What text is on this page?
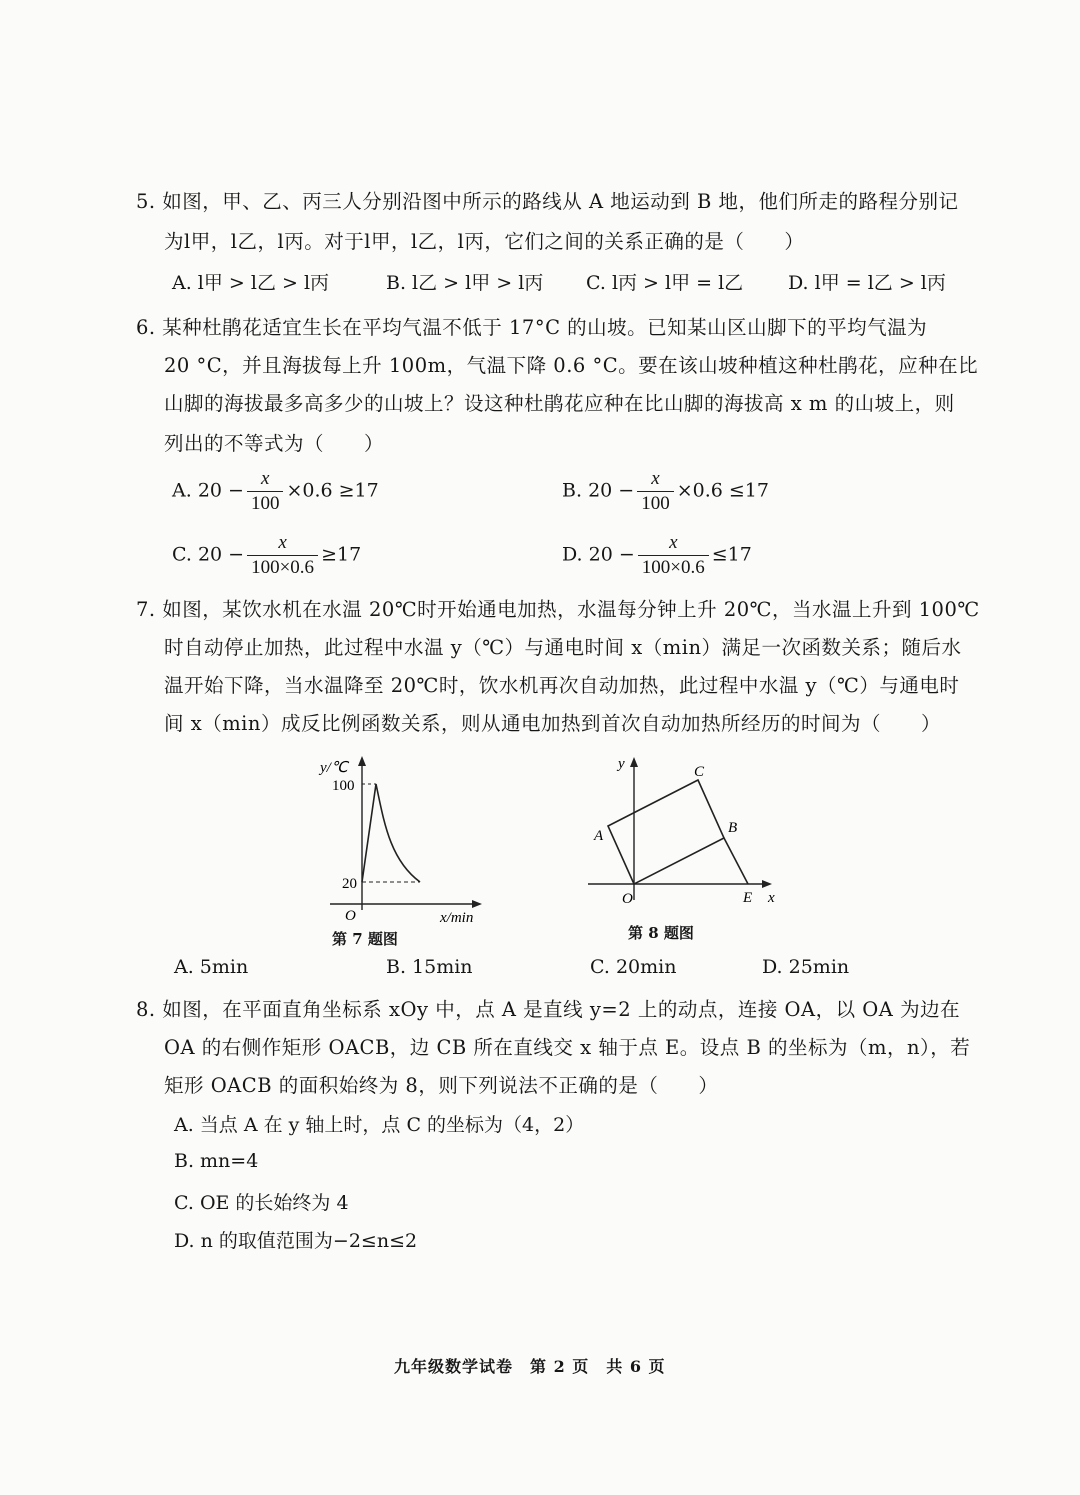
5. 如图，甲、乙、丙三人分别沿图中所示的路线从 A 地运动到 B 地，他们所走的路程分别记
为l甲，l乙，l丙。对于l甲，l乙，l丙，它们之间的关系正确的是（　　）
A. l甲 > l乙 > l丙	B. l乙 > l甲 > l丙 C. l丙 > l甲 = l乙 D. l甲 = l乙 > l丙
6. 某种杜鹃花适宜生长在平均气温不低于 17°C 的山坡。已知某山区山脚下的平均气温为
20 °C，并且海拔每上升 100m，气温下降 0.6 °C。要在该山坡种植这种杜鹃花，应种在比
山脚的海拔最多高多少的山坡上？设这种杜鹃花应种在比山脚的海拔高 x m 的山坡上，则
列出的不等式为（　　）
A. $20 - \frac{x}{100} \times 0.6 \ge 17$	B. $20 - \frac{x}{100} \times 0.6 \le 17$
C. $20 - \frac{x}{100\times 0.6} \ge 17$	D. $20 - \frac{x}{100\times 0.6} \le 17$
7. 如图，某饮水机在水温 20℃时开始通电加热，水温每分钟上升 20℃，当水温上升到 100℃
时自动停止加热，此过程中水温 y（℃）与通电时间 x（min）满足一次函数关系；随后水
温开始下降，当水温降至 20℃时，饮水机再次自动加热，此过程中水温 y（℃）与通电时
间 x（min）成反比例函数关系，则从通电加热到首次自动加热所经历的时间为（　　）
y/℃
100
20
O	x/min
第 7 题图
y
x
O
A	B
C
E
第 8 题图
A. 5min	B. 15min	C. 20min	D. 25min
8. 如图，在平面直角坐标系 xOy 中，点 A 是直线 y=2 上的动点，连接 OA，以 OA 为边在
OA 的右侧作矩形 OACB，边 CB 所在直线交 x 轴于点 E。设点 B 的坐标为（m，n），若
矩形 OACB 的面积始终为 8，则下列说法不正确的是（　　）
A. 当点 A 在 y 轴上时，点 C 的坐标为（4，2）
B. mn=4
C. OE 的长始终为 4
D. n 的取值范围为−2≤n≤2
九年级数学试卷　第 2 页　共 6 页
